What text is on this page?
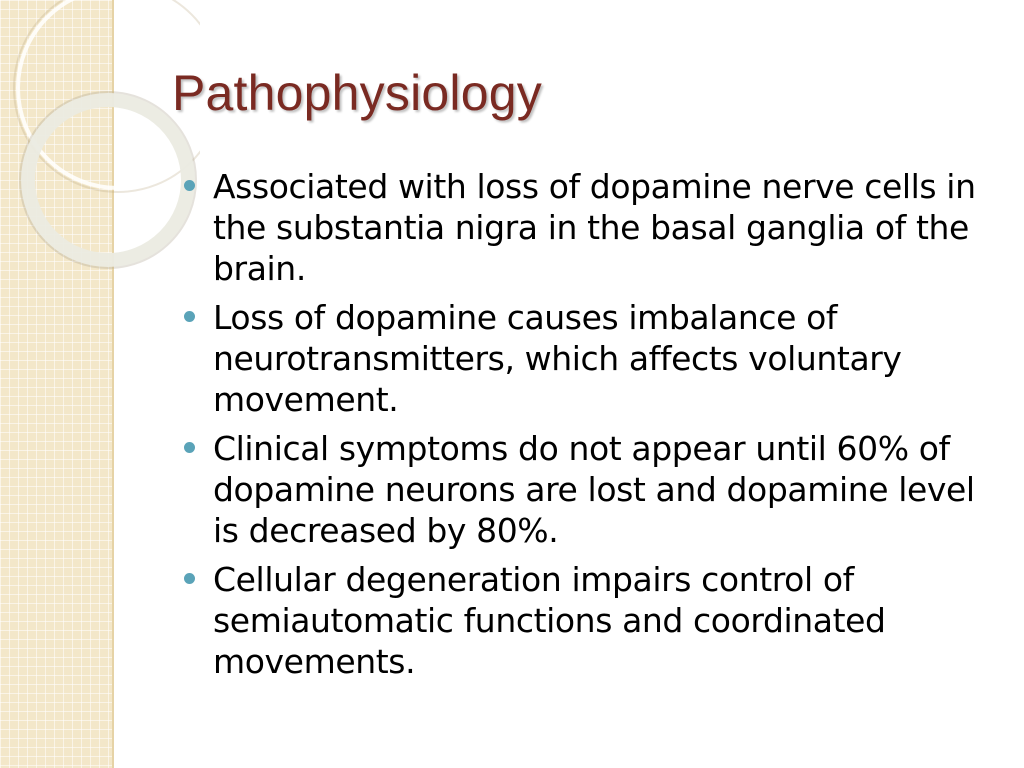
Pathophysiology
Associated with loss of dopamine nerve cells in the substantia nigra in the basal ganglia of the brain.
Loss of dopamine causes imbalance of neurotransmitters, which affects voluntary movement.
Clinical symptoms do not appear until 60% of dopamine neurons are lost and dopamine level is decreased by 80%.
Cellular degeneration impairs control of semiautomatic functions and coordinated movements.
